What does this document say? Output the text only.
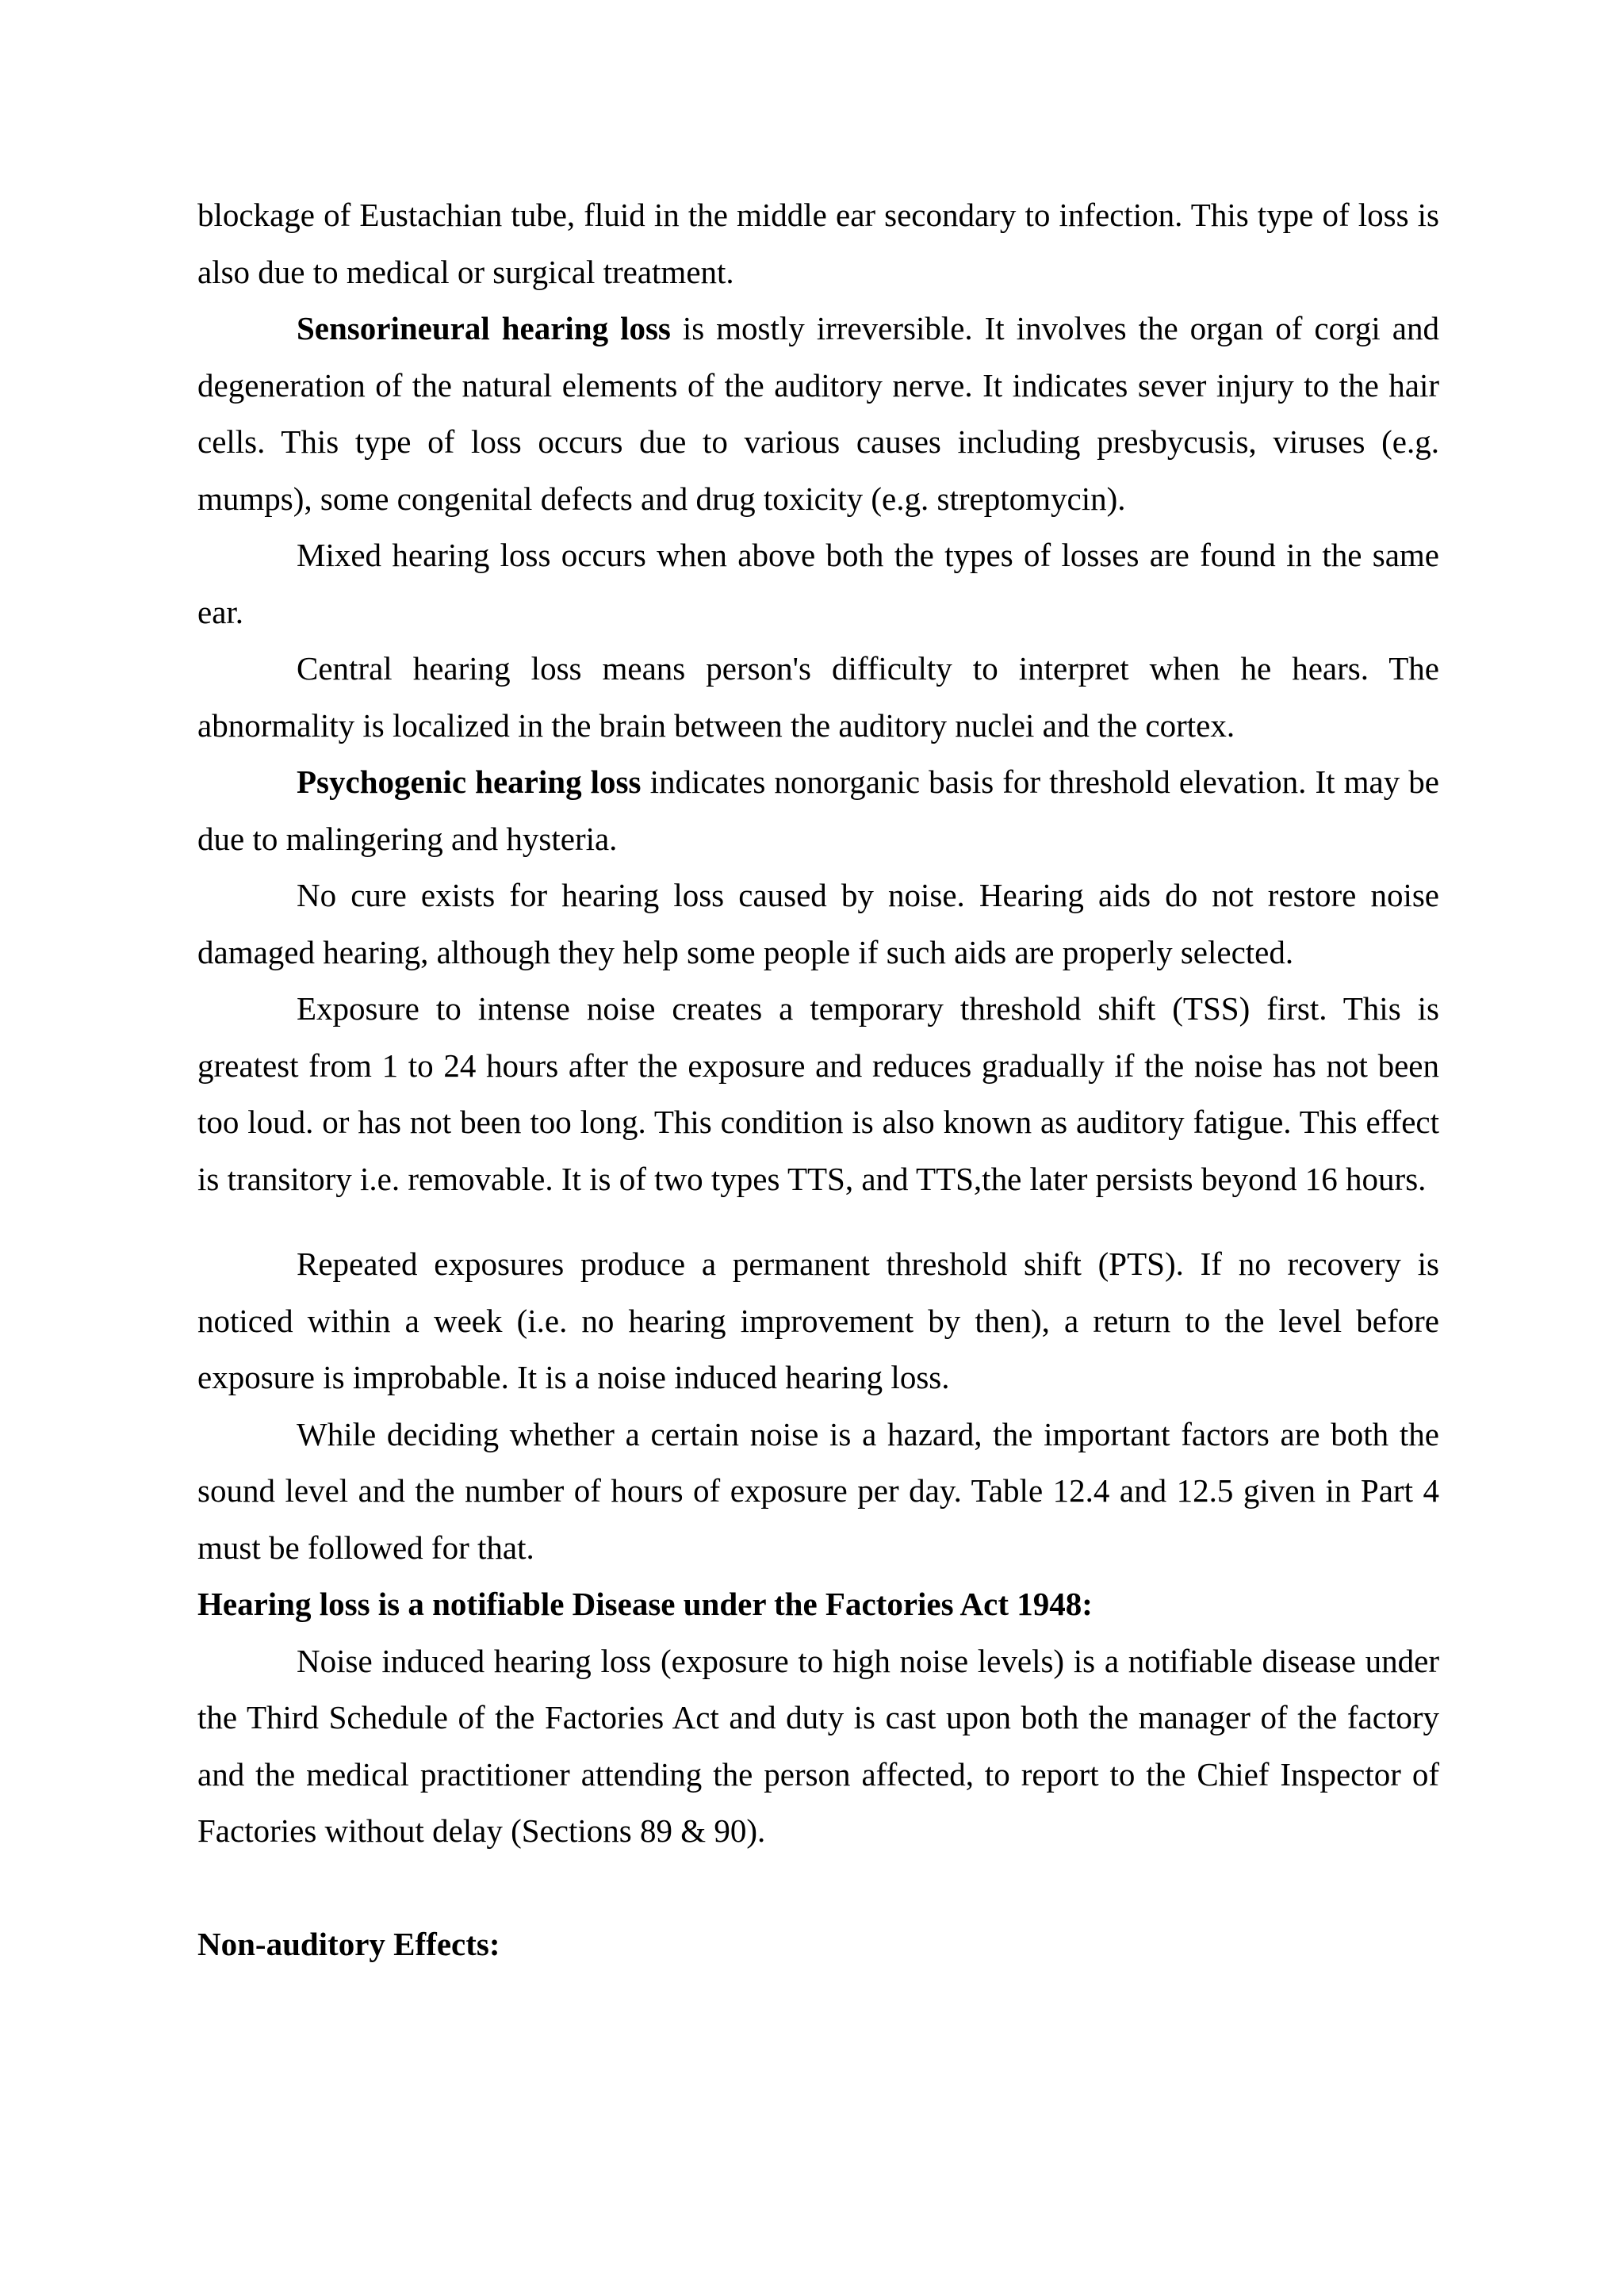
blockage of Eustachian tube, fluid in the middle ear secondary to infection. This type of loss is also due to medical or surgical treatment.

Sensorineural hearing loss is mostly irreversible. It involves the organ of corgi and degeneration of the natural elements of the auditory nerve. It indicates sever injury to the hair cells. This type of loss occurs due to various causes including presbycusis, viruses (e.g. mumps), some congenital defects and drug toxicity (e.g. streptomycin).

Mixed hearing loss occurs when above both the types of losses are found in the same ear.

Central hearing loss means person's difficulty to interpret when he hears. The abnormality is localized in the brain between the auditory nuclei and the cortex.

Psychogenic hearing loss indicates nonorganic basis for threshold elevation. It may be due to malingering and hysteria.

No cure exists for hearing loss caused by noise. Hearing aids do not restore noise damaged hearing, although they help some people if such aids are properly selected.

Exposure to intense noise creates a temporary threshold shift (TSS) first. This is greatest from 1 to 24 hours after the exposure and reduces gradually if the noise has not been too loud. or has not been too long. This condition is also known as auditory fatigue. This effect is transitory i.e. removable. It is of two types TTS, and TTS,the later persists beyond 16 hours.

Repeated exposures produce a permanent threshold shift (PTS). If no recovery is noticed within a week (i.e. no hearing improvement by then), a return to the level before exposure is improbable. It is a noise induced hearing loss.

While deciding whether a certain noise is a hazard, the important factors are both the sound level and the number of hours of exposure per day. Table 12.4 and 12.5 given in Part 4 must be followed for that.

Hearing loss is a notifiable Disease under the Factories Act 1948:

Noise induced hearing loss (exposure to high noise levels) is a notifiable disease under the Third Schedule of the Factories Act and duty is cast upon both the manager of the factory and the medical practitioner attending the person affected, to report to the Chief Inspector of Factories without delay (Sections 89 & 90).

Non-auditory Effects:
